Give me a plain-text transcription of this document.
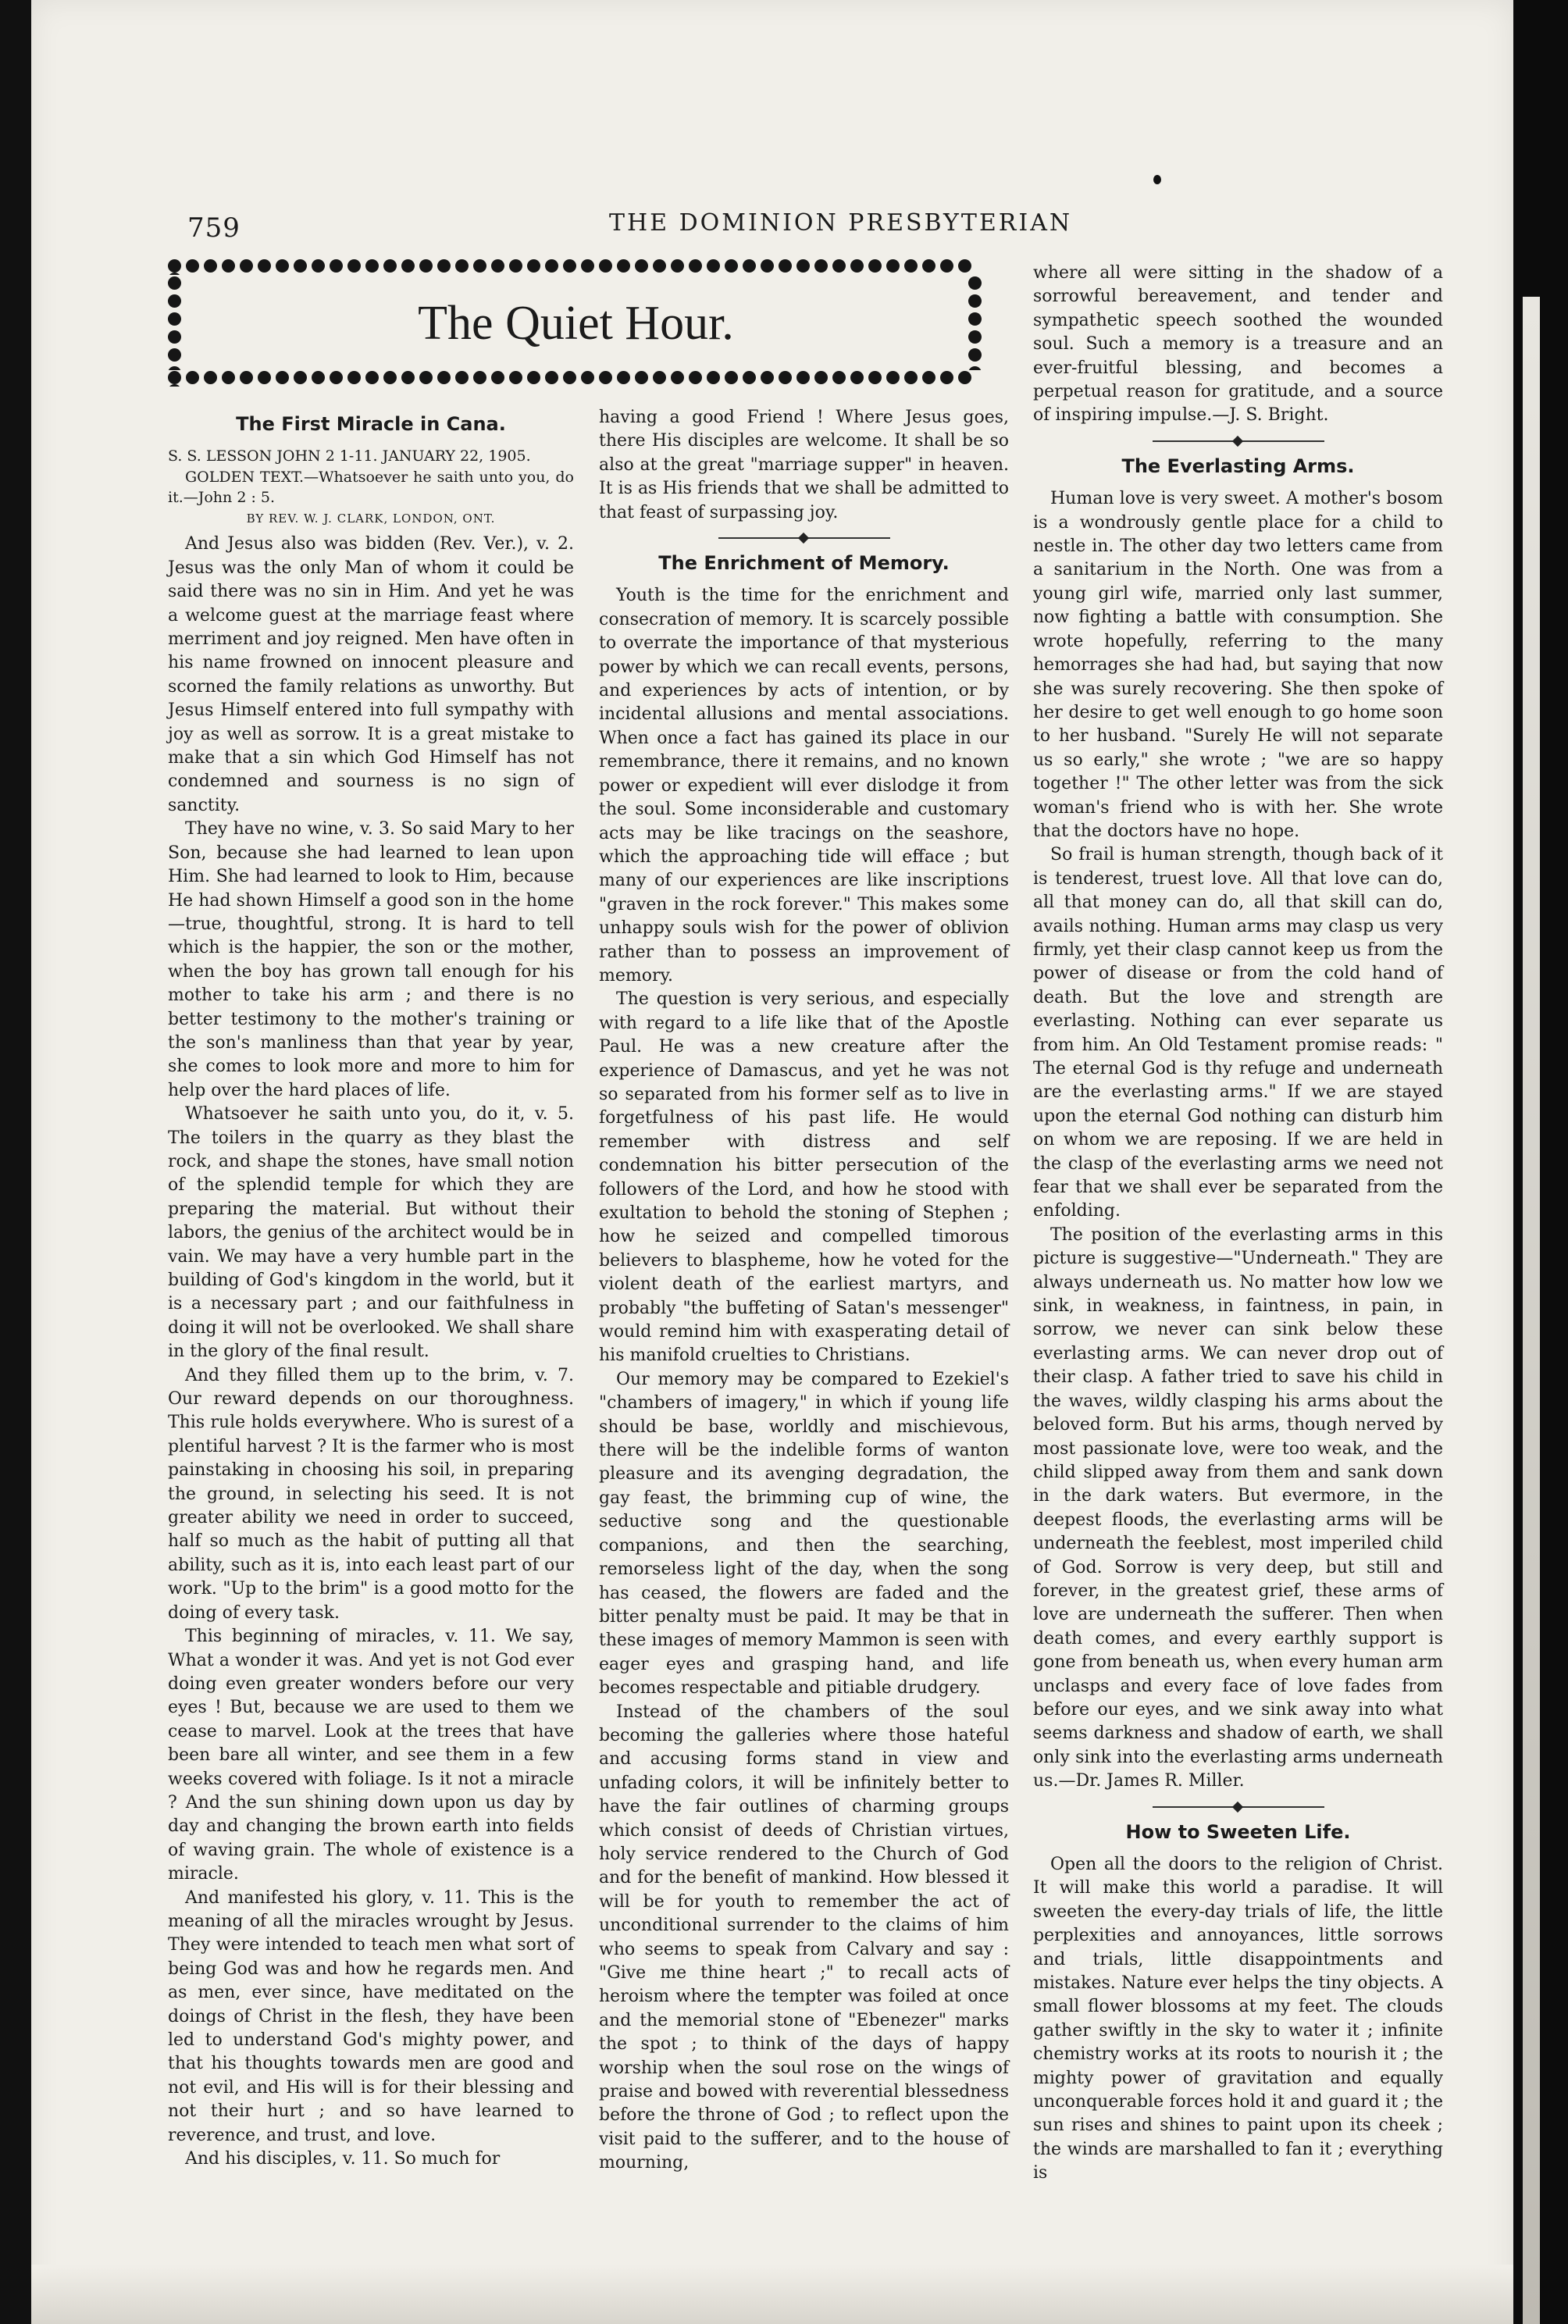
759	THE DOMINION PRESBYTERIAN
The Quiet Hour.
The First Miracle in Cana.

S. S. LESSON JOHN 2 1-11. JANUARY 22, 1905.

GOLDEN TEXT.—Whatsoever he saith unto you, do it.—John 2 : 5.

BY REV. W. J. CLARK, LONDON, ONT.

And Jesus also was bidden (Rev. Ver.), v. 2. Jesus was the only Man of whom it could be said there was no sin in Him. And yet he was a welcome guest at the marriage feast where merriment and joy reigned. Men have often in his name frowned on innocent pleasure and scorned the family relations as unworthy. But Jesus Himself entered into full sympathy with joy as well as sorrow. It is a great mistake to make that a sin which God Himself has not condemned and sourness is no sign of sanctity.

They have no wine, v. 3. So said Mary to her Son, because she had learned to lean upon Him. She had learned to look to Him, because He had shown Himself a good son in the home—true, thoughtful, strong. It is hard to tell which is the happier, the son or the mother, when the boy has grown tall enough for his mother to take his arm ; and there is no better testimony to the mother's training or the son's manliness than that year by year, she comes to look more and more to him for help over the hard places of life.

Whatsoever he saith unto you, do it, v. 5. The toilers in the quarry as they blast the rock, and shape the stones, have small notion of the splendid temple for which they are preparing the material. But without their labors, the genius of the architect would be in vain. We may have a very humble part in the building of God's kingdom in the world, but it is a necessary part ; and our faithfulness in doing it will not be overlooked. We shall share in the glory of the final result.

And they filled them up to the brim, v. 7. Our reward depends on our thoroughness. This rule holds everywhere. Who is surest of a plentiful harvest ? It is the farmer who is most painstaking in choosing his soil, in preparing the ground, in selecting his seed. It is not greater ability we need in order to succeed, half so much as the habit of putting all that ability, such as it is, into each least part of our work. "Up to the brim" is a good motto for the doing of every task.

This beginning of miracles, v. 11. We say, What a wonder it was. And yet is not God ever doing even greater wonders before our very eyes ! But, because we are used to them we cease to marvel. Look at the trees that have been bare all winter, and see them in a few weeks covered with foliage. Is it not a miracle ? And the sun shining down upon us day by day and changing the brown earth into fields of waving grain. The whole of existence is a miracle.

And manifested his glory, v. 11. This is the meaning of all the miracles wrought by Jesus. They were intended to teach men what sort of being God was and how he regards men. And as men, ever since, have meditated on the doings of Christ in the flesh, they have been led to understand God's mighty power, and that his thoughts towards men are good and not evil, and His will is for their blessing and not their hurt ; and so have learned to reverence, and trust, and love.

And his disciples, v. 11. So much for

having a good Friend ! Where Jesus goes, there His disciples are welcome. It shall be so also at the great "marriage supper" in heaven. It is as His friends that we shall be admitted to that feast of surpassing joy.

The Enrichment of Memory.

Youth is the time for the enrichment and consecration of memory. It is scarcely possible to overrate the importance of that mysterious power by which we can recall events, persons, and experiences by acts of intention, or by incidental allusions and mental associations. When once a fact has gained its place in our remembrance, there it remains, and no known power or expedient will ever dislodge it from the soul. Some inconsiderable and customary acts may be like tracings on the seashore, which the approaching tide will efface ; but many of our experiences are like inscriptions "graven in the rock forever." This makes some unhappy souls wish for the power of oblivion rather than to possess an improvement of memory.

The question is very serious, and especially with regard to a life like that of the Apostle Paul. He was a new creature after the experience of Damascus, and yet he was not so separated from his former self as to live in forgetfulness of his past life. He would remember with distress and self condemnation his bitter persecution of the followers of the Lord, and how he stood with exultation to behold the stoning of Stephen ; how he seized and compelled timorous believers to blaspheme, how he voted for the violent death of the earliest martyrs, and probably "the buffeting of Satan's messenger" would remind him with exasperating detail of his manifold cruelties to Christians.

Our memory may be compared to Ezekiel's "chambers of imagery," in which if young life should be base, worldly and mischievous, there will be the indelible forms of wanton pleasure and its avenging degradation, the gay feast, the brimming cup of wine, the seductive song and the questionable companions, and then the searching, remorseless light of the day, when the song has ceased, the flowers are faded and the bitter penalty must be paid. It may be that in these images of memory Mammon is seen with eager eyes and grasping hand, and life becomes respectable and pitiable drudgery.

Instead of the chambers of the soul becoming the galleries where those hateful and accusing forms stand in view and unfading colors, it will be infinitely better to have the fair outlines of charming groups which consist of deeds of Christian virtues, holy service rendered to the Church of God and for the benefit of mankind. How blessed it will be for youth to remember the act of unconditional surrender to the claims of him who seems to speak from Calvary and say : "Give me thine heart ;" to recall acts of heroism where the tempter was foiled at once and the memorial stone of "Ebenezer" marks the spot ; to think of the days of happy worship when the soul rose on the wings of praise and bowed with reverential blessedness before the throne of God ; to reflect upon the visit paid to the sufferer, and to the house of mourning,

where all were sitting in the shadow of a sorrowful bereavement, and tender and sympathetic speech soothed the wounded soul. Such a memory is a treasure and an ever-fruitful blessing, and becomes a perpetual reason for gratitude, and a source of inspiring impulse.—J. S. Bright.

The Everlasting Arms.

Human love is very sweet. A mother's bosom is a wondrously gentle place for a child to nestle in. The other day two letters came from a sanitarium in the North. One was from a young girl wife, married only last summer, now fighting a battle with consumption. She wrote hopefully, referring to the many hemorrages she had had, but saying that now she was surely recovering. She then spoke of her desire to get well enough to go home soon to her husband. "Surely He will not separate us so early," she wrote ; "we are so happy together !" The other letter was from the sick woman's friend who is with her. She wrote that the doctors have no hope.

So frail is human strength, though back of it is tenderest, truest love. All that love can do, all that money can do, all that skill can do, avails nothing. Human arms may clasp us very firmly, yet their clasp cannot keep us from the power of disease or from the cold hand of death. But the love and strength are everlasting. Nothing can ever separate us from him. An Old Testament promise reads: " The eternal God is thy refuge and underneath are the everlasting arms." If we are stayed upon the eternal God nothing can disturb him on whom we are reposing. If we are held in the clasp of the everlasting arms we need not fear that we shall ever be separated from the enfolding.

The position of the everlasting arms in this picture is suggestive—"Underneath." They are always underneath us. No matter how low we sink, in weakness, in faintness, in pain, in sorrow, we never can sink below these everlasting arms. We can never drop out of their clasp. A father tried to save his child in the waves, wildly clasping his arms about the beloved form. But his arms, though nerved by most passionate love, were too weak, and the child slipped away from them and sank down in the dark waters. But evermore, in the deepest floods, the everlasting arms will be underneath the feeblest, most imperiled child of God. Sorrow is very deep, but still and forever, in the greatest grief, these arms of love are underneath the sufferer. Then when death comes, and every earthly support is gone from beneath us, when every human arm unclasps and every face of love fades from before our eyes, and we sink away into what seems darkness and shadow of earth, we shall only sink into the everlasting arms underneath us.—Dr. James R. Miller.

How to Sweeten Life.

Open all the doors to the religion of Christ. It will make this world a paradise. It will sweeten the every-day trials of life, the little perplexities and annoyances, little sorrows and trials, little disappointments and mistakes. Nature ever helps the tiny objects. A small flower blossoms at my feet. The clouds gather swiftly in the sky to water it ; infinite chemistry works at its roots to nourish it ; the mighty power of gravitation and equally unconquerable forces hold it and guard it ; the sun rises and shines to paint upon its cheek ; the winds are marshalled to fan it ; everything is
